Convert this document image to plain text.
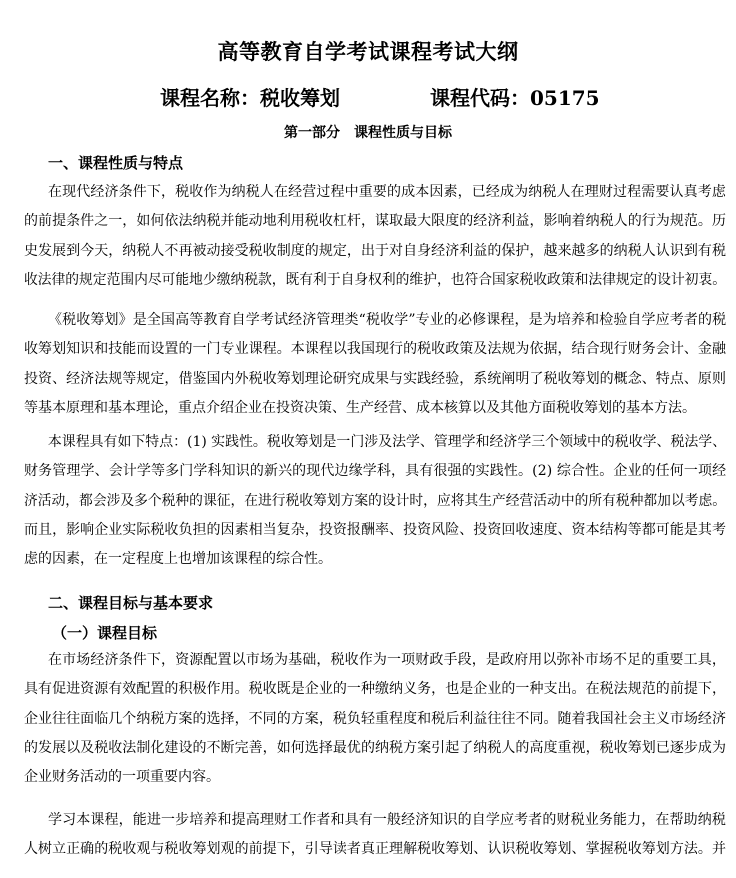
高等教育自学考试课程考试大纲
课程名称：税收筹划	课程代码：05175
第一部分　课程性质与目标
一、课程性质与特点
在现代经济条件下，税收作为纳税人在经营过程中重要的成本因素，已经成为纳税人在理财过程需要认真考虑
的前提条件之一，如何依法纳税并能动地利用税收杠杆，谋取最大限度的经济利益，影响着纳税人的行为规范。历
史发展到今天，纳税人不再被动接受税收制度的规定，出于对自身经济利益的保护，越来越多的纳税人认识到有税
收法律的规定范围内尽可能地少缴纳税款，既有利于自身权利的维护，也符合国家税收政策和法律规定的设计初衷。
《税收筹划》是全国高等教育自学考试经济管理类“税收学”专业的必修课程，是为培养和检验自学应考者的税
收筹划知识和技能而设置的一门专业课程。本课程以我国现行的税收政策及法规为依据，结合现行财务会计、金融
投资、经济法规等规定，借鉴国内外税收筹划理论研究成果与实践经验，系统阐明了税收筹划的概念、特点、原则
等基本原理和基本理论，重点介绍企业在投资决策、生产经营、成本核算以及其他方面税收筹划的基本方法。
本课程具有如下特点：(1) 实践性。税收筹划是一门涉及法学、管理学和经济学三个领域中的税收学、税法学、
财务管理学、会计学等多门学科知识的新兴的现代边缘学科，具有很强的实践性。(2) 综合性。企业的任何一项经
济活动，都会涉及多个税种的课征，在进行税收筹划方案的设计时，应将其生产经营活动中的所有税种都加以考虑。
而且，影响企业实际税收负担的因素相当复杂，投资报酬率、投资风险、投资回收速度、资本结构等都可能是其考
虑的因素，在一定程度上也增加该课程的综合性。
二、课程目标与基本要求
（一）课程目标
在市场经济条件下，资源配置以市场为基础，税收作为一项财政手段，是政府用以弥补市场不足的重要工具，
具有促进资源有效配置的积极作用。税收既是企业的一种缴纳义务，也是企业的一种支出。在税法规范的前提下，
企业往往面临几个纳税方案的选择，不同的方案，税负轻重程度和税后利益往往不同。随着我国社会主义市场经济
的发展以及税收法制化建设的不断完善，如何选择最优的纳税方案引起了纳税人的高度重视，税收筹划已逐步成为
企业财务活动的一项重要内容。
学习本课程，能进一步培养和提高理财工作者和具有一般经济知识的自学应考者的财税业务能力，在帮助纳税
人树立正确的税收观与税收筹划观的前提下，引导读者真正理解税收筹划、认识税收筹划、掌握税收筹划方法。并
